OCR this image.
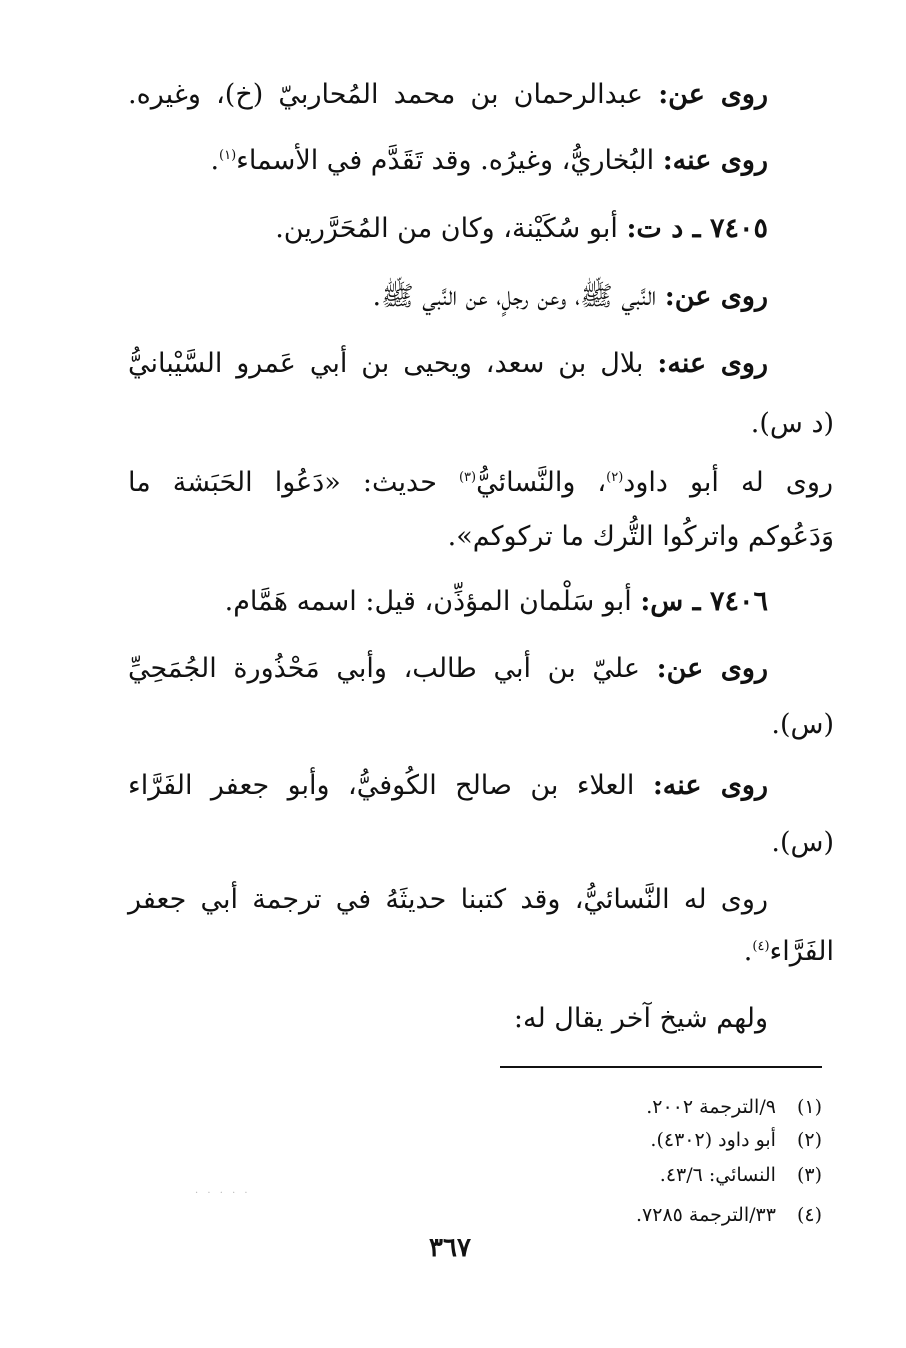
روى عن: عبدالرحمان بن محمد المُحاربيّ (خ)، وغيره.
روى عنه: البُخاريُّ، وغيرُه. وقد تَقَدَّم في الأسماء$^{(١)}$.
٧٤٠٥ ـ د ت: أبو سُكَيْنة، وكان من المُحَرَّرين.
روى عن: النَّبي ﷺ، وعن رجلٍ، عن النَّبي ﷺ.
روى عنه: بلال بن سعد، ويحيى بن أبي عَمرو السَّيْبانيُّ
(د س).
روى له أبو داود$^{(٢)}$، والنَّسائيُّ$^{(٣)}$ حديث: «دَعُوا الحَبَشة ما
وَدَعُوكم واتركُوا التُّرك ما تركوكم».
٧٤٠٦ ـ س: أبو سَلْمان المؤذِّن، قيل: اسمه هَمَّام.
روى عن: عليّ بن أبي طالب، وأبي مَحْذُورة الجُمَحِيِّ
(س).
روى عنه: العلاء بن صالح الكُوفيُّ، وأبو جعفر الفَرَّاء
(س).
روى له النَّسائيُّ، وقد كتبنا حديثَهُ في ترجمة أبي جعفر
الفَرَّاء$^{(٤)}$.
ولهم شيخ آخر يقال له:
(١) ٩/الترجمة ٢٠٠٢.
(٢) أبو داود (٤٣٠٢).
(٣) النسائي: ٤٣/٦.
(٤) ٣٣/الترجمة ٧٢٨٥.
· · · · ·
٣٦٧
